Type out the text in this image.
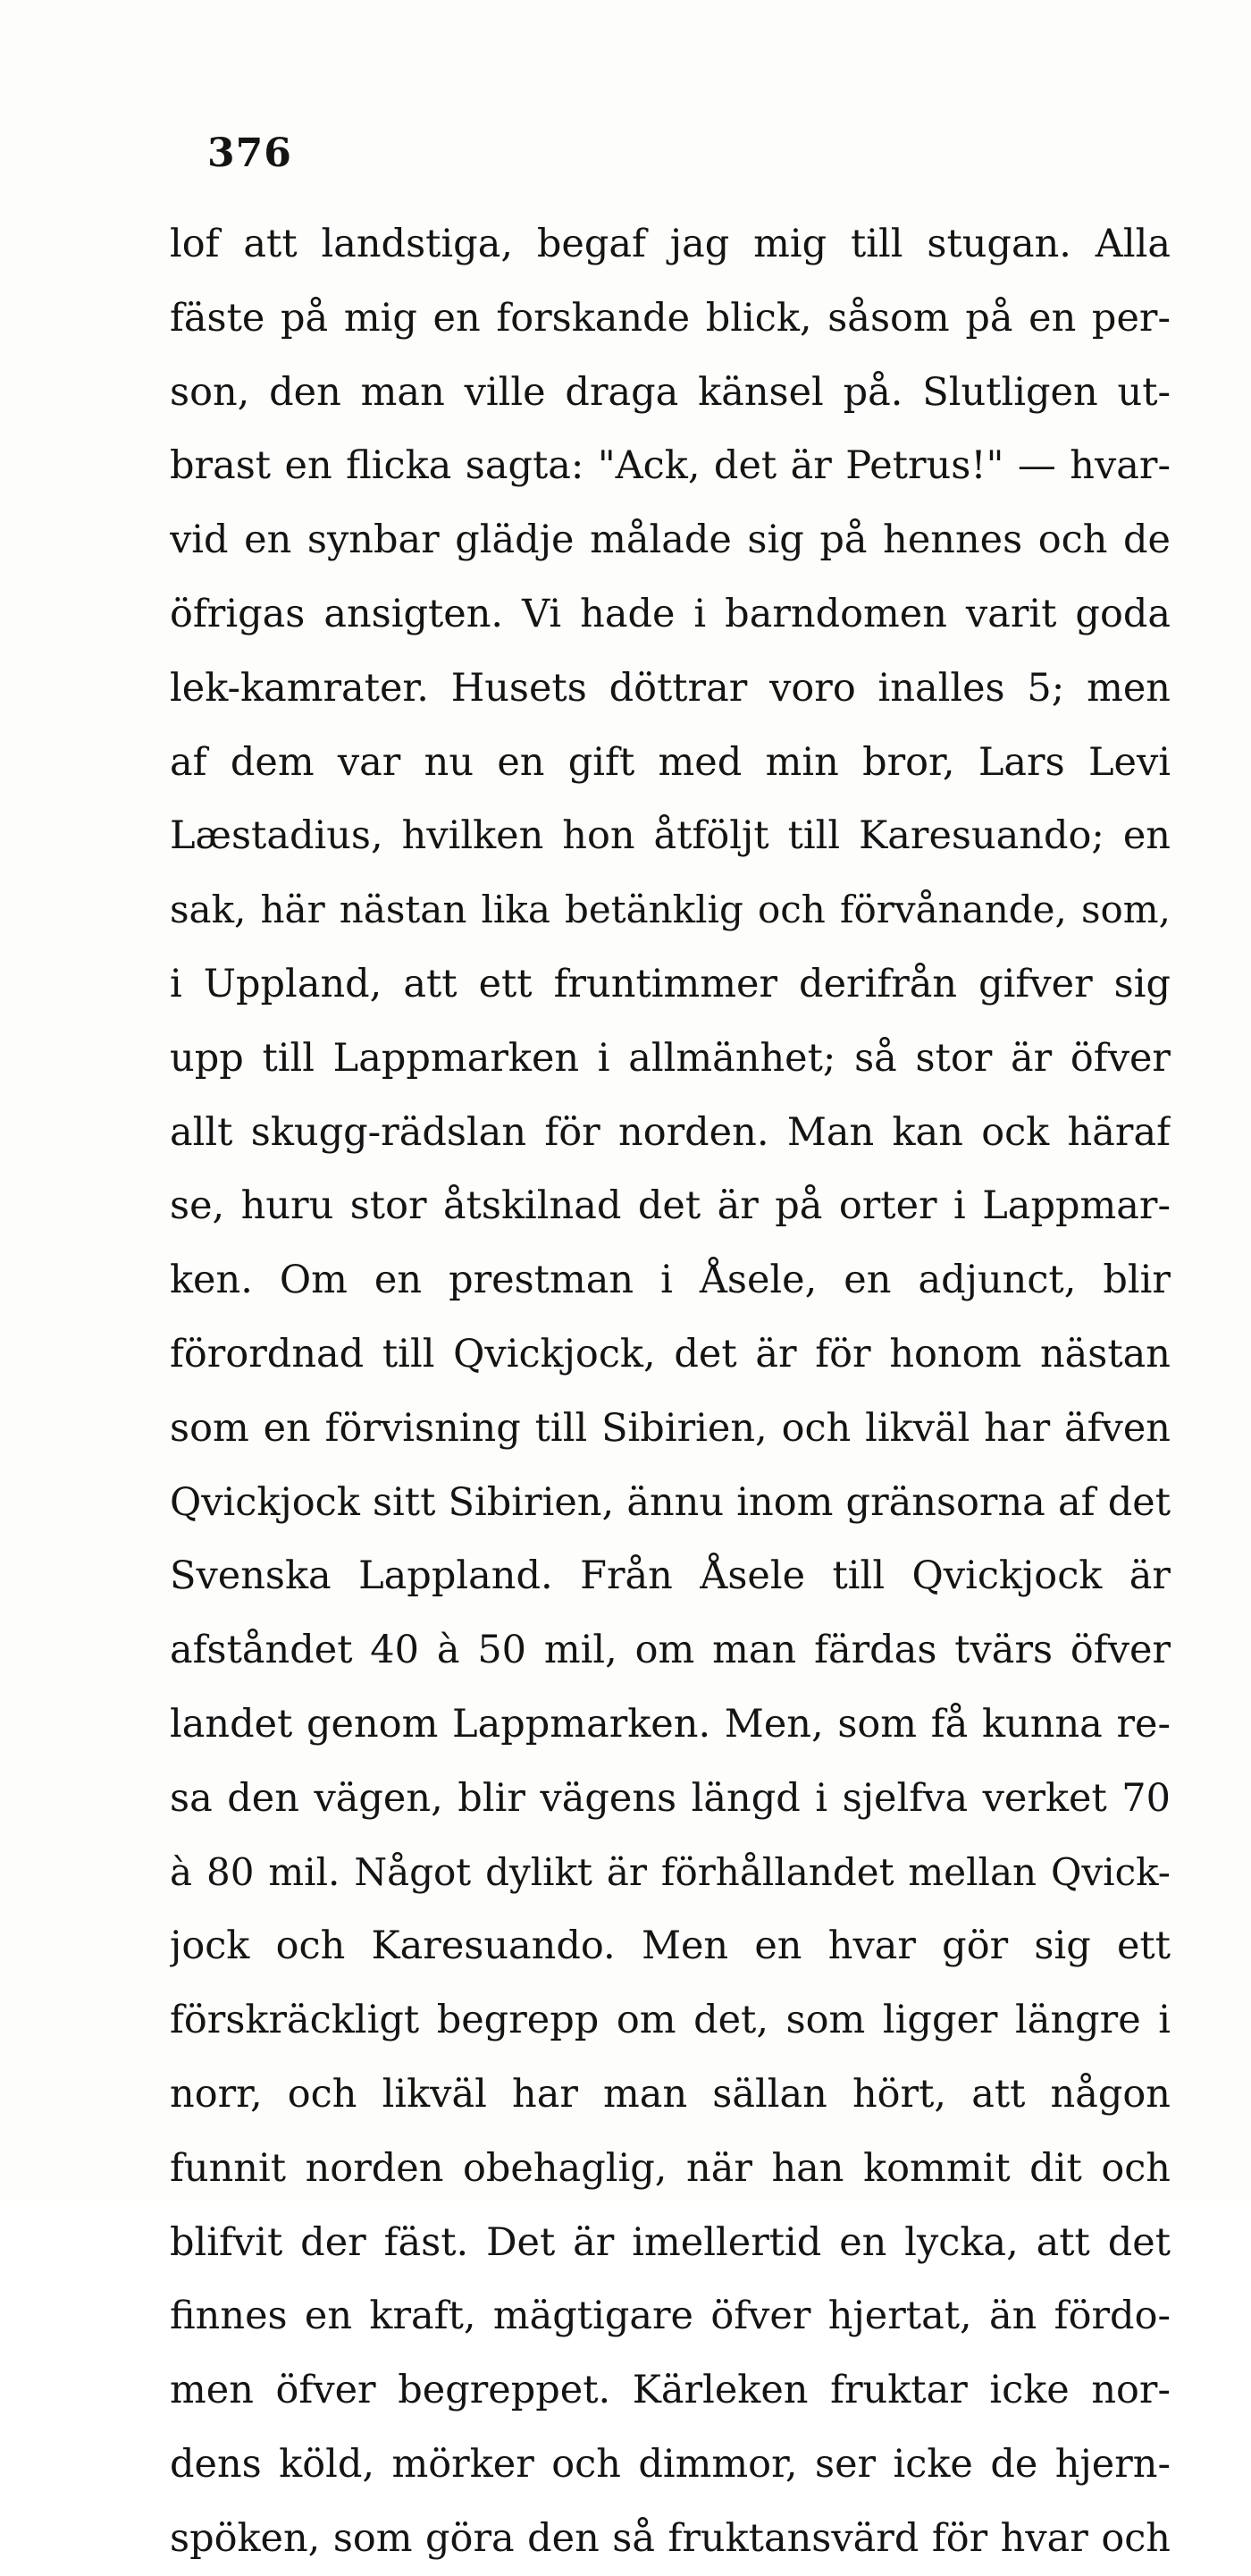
376
lof att landstiga, begaf jag mig till stugan. Alla
fäste på mig en forskande blick, såsom på en per-
son, den man ville draga känsel på. Slutligen ut-
brast en flicka sagta: "Ack, det är Petrus!" — hvar-
vid en synbar glädje målade sig på hennes och de
öfrigas ansigten. Vi hade i barndomen varit goda
lek-kamrater. Husets döttrar voro inalles 5; men
af dem var nu en gift med min bror, Lars Levi
Læstadius, hvilken hon åtföljt till Karesuando; en
sak, här nästan lika betänklig och förvånande, som,
i Uppland, att ett fruntimmer derifrån gifver sig
upp till Lappmarken i allmänhet; så stor är öfver
allt skugg-rädslan för norden. Man kan ock häraf
se, huru stor åtskilnad det är på orter i Lappmar-
ken. Om en prestman i Åsele, en adjunct, blir
förordnad till Qvickjock, det är för honom nästan
som en förvisning till Sibirien, och likväl har äfven
Qvickjock sitt Sibirien, ännu inom gränsorna af det
Svenska Lappland. Från Åsele till Qvickjock är
afståndet 40 à 50 mil, om man färdas tvärs öfver
landet genom Lappmarken. Men, som få kunna re-
sa den vägen, blir vägens längd i sjelfva verket 70
à 80 mil. Något dylikt är förhållandet mellan Qvick-
jock och Karesuando. Men en hvar gör sig ett
förskräckligt begrepp om det, som ligger längre i
norr, och likväl har man sällan hört, att någon
funnit norden obehaglig, när han kommit dit och
blifvit der fäst. Det är imellertid en lycka, att det
finnes en kraft, mägtigare öfver hjertat, än fördo-
men öfver begreppet. Kärleken fruktar icke nor-
dens köld, mörker och dimmor, ser icke de hjern-
spöken, som göra den så fruktansvärd för hvar och
